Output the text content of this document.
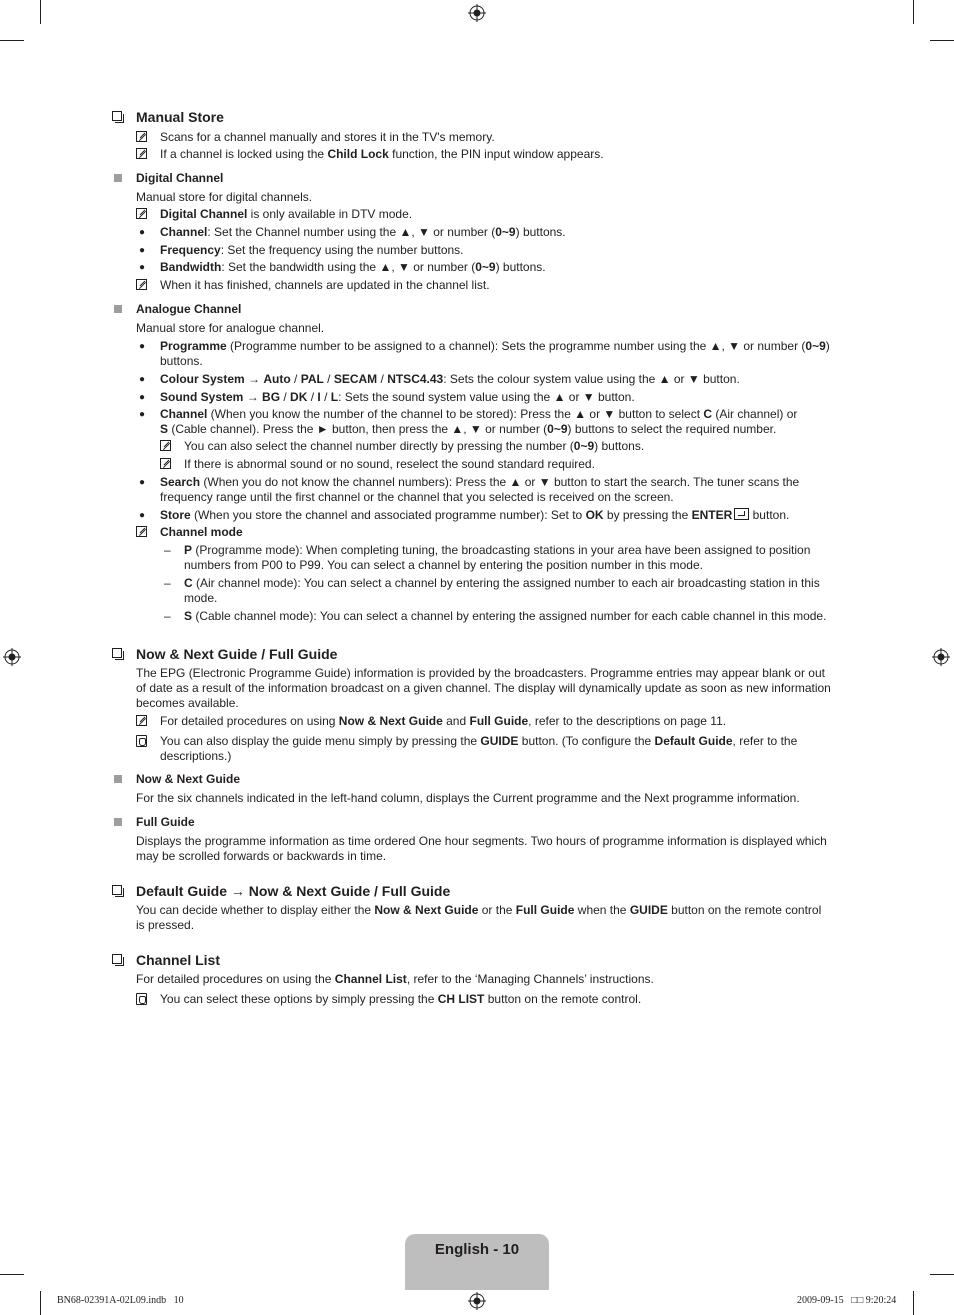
Manual Store
Scans for a channel manually and stores it in the TV's memory.
If a channel is locked using the Child Lock function, the PIN input window appears.
Digital Channel

Manual store for digital channels.

Digital Channel is only available in DTV mode.
● Channel: Set the Channel number using the ▲, ▼ or number (0~9) buttons.
● Frequency: Set the frequency using the number buttons.
● Bandwidth: Set the bandwidth using the ▲, ▼ or number (0~9) buttons.
When it has finished, channels are updated in the channel list.
Analogue Channel

Manual store for analogue channel.

● Programme (Programme number to be assigned to a channel): Sets the programme number using the ▲, ▼ or number (0~9)
buttons.
● Colour System → Auto / PAL / SECAM / NTSC4.43: Sets the colour system value using the ▲ or ▼ button.
● Sound System → BG / DK / I / L: Sets the sound system value using the ▲ or ▼ button.
● Channel (When you know the number of the channel to be stored): Press the ▲ or ▼ button to select C (Air channel) or
S (Cable channel). Press the ► button, then press the ▲, ▼ or number (0~9) buttons to select the required number.
You can also select the channel number directly by pressing the number (0~9) buttons.
If there is abnormal sound or no sound, reselect the sound standard required.
● Search (When you do not know the channel numbers): Press the ▲ or ▼ button to start the search. The tuner scans the
frequency range until the first channel or the channel that you selected is received on the screen.
● Store (When you store the channel and associated programme number): Set to OK by pressing the ENTER button.
Channel mode
– P (Programme mode): When completing tuning, the broadcasting stations in your area have been assigned to position
numbers from P00 to P99. You can select a channel by entering the position number in this mode.
– C (Air channel mode): You can select a channel by entering the assigned number to each air broadcasting station in this
mode.
– S (Cable channel mode): You can select a channel by entering the assigned number for each cable channel in this mode.
Now & Next Guide / Full Guide

The EPG (Electronic Programme Guide) information is provided by the broadcasters. Programme entries may appear blank or out
of date as a result of the information broadcast on a given channel. The display will dynamically update as soon as new information
becomes available.

For detailed procedures on using Now & Next Guide and Full Guide, refer to the descriptions on page 11.
You can also display the guide menu simply by pressing the GUIDE button. (To configure the Default Guide, refer to the
descriptions.)
Now & Next Guide

For the six channels indicated in the left-hand column, displays the Current programme and the Next programme information.

Full Guide

Displays the programme information as time ordered One hour segments. Two hours of programme information is displayed which
may be scrolled forwards or backwards in time.

Default Guide → Now & Next Guide / Full Guide

You can decide whether to display either the Now & Next Guide or the Full Guide when the GUIDE button on the remote control
is pressed.

Channel List

For detailed procedures on using the Channel List, refer to the ‘Managing Channels’ instructions.

You can select these options by simply pressing the CH LIST button on the remote control.
English - 10
BN68-02391A-02L09.indb   10	2009-09-15   □□ 9:20:24
